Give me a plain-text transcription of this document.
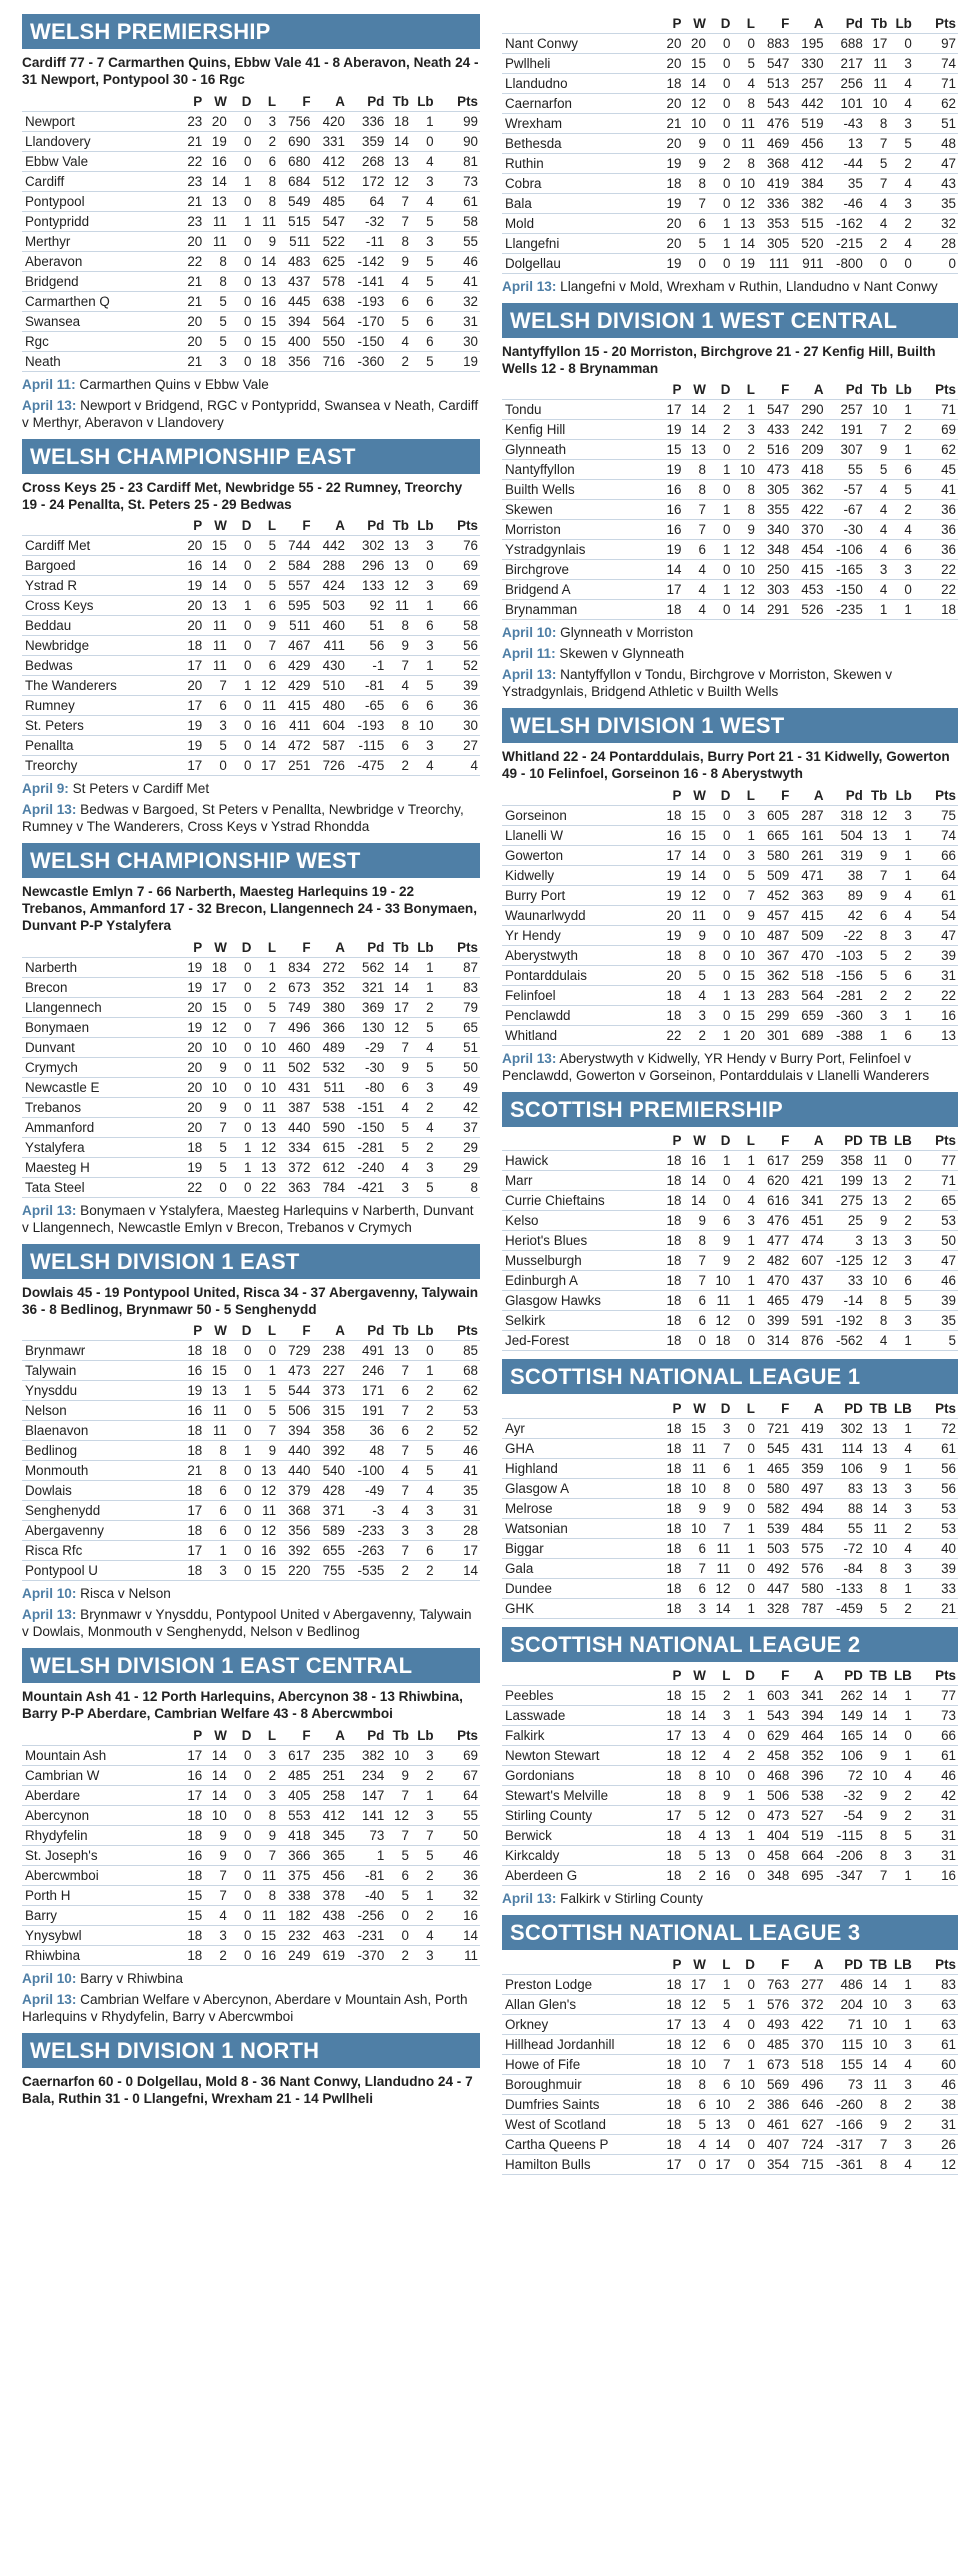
WELSH PREMIERSHIP
Cardiff 77 - 7 Carmarthen Quins, Ebbw Vale 41 - 8 Aberavon, Neath 24 - 31 Newport, Pontypool 30 - 16 Rgc
	P	W	D	L	F	A	Pd	Tb	Lb	Pts
Newport	23	20	0	3	756	420	336	18	1	99
Llandovery	21	19	0	2	690	331	359	14	0	90
Ebbw Vale	22	16	0	6	680	412	268	13	4	81
Cardiff	23	14	1	8	684	512	172	12	3	73
Pontypool	21	13	0	8	549	485	64	7	4	61
Pontypridd	23	11	1	11	515	547	-32	7	5	58
Merthyr	20	11	0	9	511	522	-11	8	3	55
Aberavon	22	8	0	14	483	625	-142	9	5	46
Bridgend	21	8	0	13	437	578	-141	4	5	41
Carmarthen Q	21	5	0	16	445	638	-193	6	6	32
Swansea	20	5	0	15	394	564	-170	5	6	31
Rgc	20	5	0	15	400	550	-150	4	6	30
Neath	21	3	0	18	356	716	-360	2	5	19
April 11: Carmarthen Quins v Ebbw Vale
April 13: Newport v Bridgend, RGC v Pontypridd, Swansea v Neath, Cardiff v Merthyr, Aberavon v Llandovery
WELSH CHAMPIONSHIP EAST
Cross Keys 25 - 23 Cardiff Met, Newbridge 55 - 22 Rumney, Treorchy 19 - 24 Penallta, St. Peters 25 - 29 Bedwas
	P	W	D	L	F	A	Pd	Tb	Lb	Pts
Cardiff Met	20	15	0	5	744	442	302	13	3	76
Bargoed	16	14	0	2	584	288	296	13	0	69
Ystrad R	19	14	0	5	557	424	133	12	3	69
Cross Keys	20	13	1	6	595	503	92	11	1	66
Beddau	20	11	0	9	511	460	51	8	6	58
Newbridge	18	11	0	7	467	411	56	9	3	56
Bedwas	17	11	0	6	429	430	-1	7	1	52
The Wanderers	20	7	1	12	429	510	-81	4	5	39
Rumney	17	6	0	11	415	480	-65	6	6	36
St. Peters	19	3	0	16	411	604	-193	8	10	30
Penallta	19	5	0	14	472	587	-115	6	3	27
Treorchy	17	0	0	17	251	726	-475	2	4	4
April 9: St Peters v Cardiff Met
April 13: Bedwas v Bargoed, St Peters v Penallta, Newbridge v Treorchy, Rumney v The Wanderers, Cross Keys v Ystrad Rhondda
WELSH CHAMPIONSHIP WEST
Newcastle Emlyn 7 - 66 Narberth, Maesteg Harlequins 19 - 22 Trebanos, Ammanford 17 - 32 Brecon, Llangennech 24 - 33 Bonymaen, Dunvant P-P Ystalyfera
	P	W	D	L	F	A	Pd	Tb	Lb	Pts
Narberth	19	18	0	1	834	272	562	14	1	87
Brecon	19	17	0	2	673	352	321	14	1	83
Llangennech	20	15	0	5	749	380	369	17	2	79
Bonymaen	19	12	0	7	496	366	130	12	5	65
Dunvant	20	10	0	10	460	489	-29	7	4	51
Crymych	20	9	0	11	502	532	-30	9	5	50
Newcastle E	20	10	0	10	431	511	-80	6	3	49
Trebanos	20	9	0	11	387	538	-151	4	2	42
Ammanford	20	7	0	13	440	590	-150	5	4	37
Ystalyfera	18	5	1	12	334	615	-281	5	2	29
Maesteg H	19	5	1	13	372	612	-240	4	3	29
Tata Steel	22	0	0	22	363	784	-421	3	5	8
April 13: Bonymaen v Ystalyfera, Maesteg Harlequins v Narberth, Dunvant v Llangennech, Newcastle Emlyn v Brecon, Trebanos v Crymych
WELSH DIVISION 1 EAST
Dowlais 45 - 19 Pontypool United, Risca 34 - 37 Abergavenny, Talywain 36 - 8 Bedlinog, Brynmawr 50 - 5 Senghenydd
	P	W	D	L	F	A	Pd	Tb	Lb	Pts
Brynmawr	18	18	0	0	729	238	491	13	0	85
Talywain	16	15	0	1	473	227	246	7	1	68
Ynysddu	19	13	1	5	544	373	171	6	2	62
Nelson	16	11	0	5	506	315	191	7	2	53
Blaenavon	18	11	0	7	394	358	36	6	2	52
Bedlinog	18	8	1	9	440	392	48	7	5	46
Monmouth	21	8	0	13	440	540	-100	4	5	41
Dowlais	18	6	0	12	379	428	-49	7	4	35
Senghenydd	17	6	0	11	368	371	-3	4	3	31
Abergavenny	18	6	0	12	356	589	-233	3	3	28
Risca Rfc	17	1	0	16	392	655	-263	7	6	17
Pontypool U	18	3	0	15	220	755	-535	2	2	14
April 10: Risca v Nelson
April 13: Brynmawr v Ynysddu, Pontypool United v Abergavenny, Talywain v Dowlais, Monmouth v Senghenydd, Nelson v Bedlinog
WELSH DIVISION 1 EAST CENTRAL
Mountain Ash 41 - 12 Porth Harlequins, Abercynon 38 - 13 Rhiwbina, Barry P-P Aberdare, Cambrian Welfare 43 - 8 Abercwmboi
	P	W	D	L	F	A	Pd	Tb	Lb	Pts
Mountain Ash	17	14	0	3	617	235	382	10	3	69
Cambrian W	16	14	0	2	485	251	234	9	2	67
Aberdare	17	14	0	3	405	258	147	7	1	64
Abercynon	18	10	0	8	553	412	141	12	3	55
Rhydyfelin	18	9	0	9	418	345	73	7	7	50
St. Joseph's	16	9	0	7	366	365	1	5	5	46
Abercwmboi	18	7	0	11	375	456	-81	6	2	36
Porth H	15	7	0	8	338	378	-40	5	1	32
Barry	15	4	0	11	182	438	-256	0	2	16
Ynysybwl	18	3	0	15	232	463	-231	0	4	14
Rhiwbina	18	2	0	16	249	619	-370	2	3	11
April 10: Barry v Rhiwbina
April 13: Cambrian Welfare v Abercynon, Aberdare v Mountain Ash, Porth Harlequins v Rhydyfelin, Barry v Abercwmboi
WELSH DIVISION 1 NORTH
Caernarfon 60 - 0 Dolgellau, Mold 8 - 36 Nant Conwy, Llandudno 24 - 7 Bala, Ruthin 31 - 0 Llangefni, Wrexham 21 - 14 Pwllheli
	P	W	D	L	F	A	Pd	Tb	Lb	Pts
Nant Conwy	20	20	0	0	883	195	688	17	0	97
Pwllheli	20	15	0	5	547	330	217	11	3	74
Llandudno	18	14	0	4	513	257	256	11	4	71
Caernarfon	20	12	0	8	543	442	101	10	4	62
Wrexham	21	10	0	11	476	519	-43	8	3	51
Bethesda	20	9	0	11	469	456	13	7	5	48
Ruthin	19	9	2	8	368	412	-44	5	2	47
Cobra	18	8	0	10	419	384	35	7	4	43
Bala	19	7	0	12	336	382	-46	4	3	35
Mold	20	6	1	13	353	515	-162	4	2	32
Llangefni	20	5	1	14	305	520	-215	2	4	28
Dolgellau	19	0	0	19	111	911	-800	0	0	0
April 13: Llangefni v Mold, Wrexham v Ruthin, Llandudno v Nant Conwy
WELSH DIVISION 1 WEST CENTRAL
Nantyffyllon 15 - 20 Morriston, Birchgrove 21 - 27 Kenfig Hill, Builth Wells 12 - 8 Brynamman
	P	W	D	L	F	A	Pd	Tb	Lb	Pts
Tondu	17	14	2	1	547	290	257	10	1	71
Kenfig Hill	19	14	2	3	433	242	191	7	2	69
Glynneath	15	13	0	2	516	209	307	9	1	62
Nantyffyllon	19	8	1	10	473	418	55	5	6	45
Builth Wells	16	8	0	8	305	362	-57	4	5	41
Skewen	16	7	1	8	355	422	-67	4	2	36
Morriston	16	7	0	9	340	370	-30	4	4	36
Ystradgynlais	19	6	1	12	348	454	-106	4	6	36
Birchgrove	14	4	0	10	250	415	-165	3	3	22
Bridgend A	17	4	1	12	303	453	-150	4	0	22
Brynamman	18	4	0	14	291	526	-235	1	1	18
April 10: Glynneath v Morriston
April 11: Skewen v Glynneath
April 13: Nantyffyllon v Tondu, Birchgrove v Morriston, Skewen v Ystradgynlais, Bridgend Athletic v Builth Wells
WELSH DIVISION 1 WEST
Whitland 22 - 24 Pontarddulais, Burry Port 21 - 31 Kidwelly, Gowerton 49 - 10 Felinfoel, Gorseinon 16 - 8 Aberystwyth
	P	W	D	L	F	A	Pd	Tb	Lb	Pts
Gorseinon	18	15	0	3	605	287	318	12	3	75
Llanelli W	16	15	0	1	665	161	504	13	1	74
Gowerton	17	14	0	3	580	261	319	9	1	66
Kidwelly	19	14	0	5	509	471	38	7	1	64
Burry Port	19	12	0	7	452	363	89	9	4	61
Waunarlwydd	20	11	0	9	457	415	42	6	4	54
Yr Hendy	19	9	0	10	487	509	-22	8	3	47
Aberystwyth	18	8	0	10	367	470	-103	5	2	39
Pontarddulais	20	5	0	15	362	518	-156	5	6	31
Felinfoel	18	4	1	13	283	564	-281	2	2	22
Penclawdd	18	3	0	15	299	659	-360	3	1	16
Whitland	22	2	1	20	301	689	-388	1	6	13
April 13: Aberystwyth v Kidwelly, YR Hendy v Burry Port, Felinfoel v Penclawdd, Gowerton v Gorseinon, Pontarddulais v Llanelli Wanderers
SCOTTISH PREMIERSHIP
	P	W	D	L	F	A	PD	TB	LB	Pts
Hawick	18	16	1	1	617	259	358	11	0	77
Marr	18	14	0	4	620	421	199	13	2	71
Currie Chieftains	18	14	0	4	616	341	275	13	2	65
Kelso	18	9	6	3	476	451	25	9	2	53
Heriot's Blues	18	8	9	1	477	474	3	13	3	50
Musselburgh	18	7	9	2	482	607	-125	12	3	47
Edinburgh A	18	7	10	1	470	437	33	10	6	46
Glasgow Hawks	18	6	11	1	465	479	-14	8	5	39
Selkirk	18	6	12	0	399	591	-192	8	3	35
Jed-Forest	18	0	18	0	314	876	-562	4	1	5
SCOTTISH NATIONAL LEAGUE 1
	P	W	D	L	F	A	PD	TB	LB	Pts
Ayr	18	15	3	0	721	419	302	13	1	72
GHA	18	11	7	0	545	431	114	13	4	61
Highland	18	11	6	1	465	359	106	9	1	56
Glasgow A	18	10	8	0	580	497	83	13	3	56
Melrose	18	9	9	0	582	494	88	14	3	53
Watsonian	18	10	7	1	539	484	55	11	2	53
Biggar	18	6	11	1	503	575	-72	10	4	40
Gala	18	7	11	0	492	576	-84	8	3	39
Dundee	18	6	12	0	447	580	-133	8	1	33
GHK	18	3	14	1	328	787	-459	5	2	21
SCOTTISH NATIONAL LEAGUE 2
	P	W	L	D	F	A	PD	TB	LB	Pts
Peebles	18	15	2	1	603	341	262	14	1	77
Lasswade	18	14	3	1	543	394	149	14	1	73
Falkirk	17	13	4	0	629	464	165	14	0	66
Newton Stewart	18	12	4	2	458	352	106	9	1	61
Gordonians	18	8	10	0	468	396	72	10	4	46
Stewart's Melville	18	8	9	1	506	538	-32	9	2	42
Stirling County	17	5	12	0	473	527	-54	9	2	31
Berwick	18	4	13	1	404	519	-115	8	5	31
Kirkcaldy	18	5	13	0	458	664	-206	8	3	31
Aberdeen G	18	2	16	0	348	695	-347	7	1	16
April 13: Falkirk v Stirling County
SCOTTISH NATIONAL LEAGUE 3
	P	W	L	D	F	A	PD	TB	LB	Pts
Preston Lodge	18	17	1	0	763	277	486	14	1	83
Allan Glen's	18	12	5	1	576	372	204	10	3	63
Orkney	17	13	4	0	493	422	71	10	1	63
Hillhead Jordanhill	18	12	6	0	485	370	115	10	3	61
Howe of Fife	18	10	7	1	673	518	155	14	4	60
Boroughmuir	18	8	6	10	569	496	73	11	3	46
Dumfries Saints	18	6	10	2	386	646	-260	8	2	38
West of Scotland	18	5	13	0	461	627	-166	9	2	31
Cartha Queens P	18	4	14	0	407	724	-317	7	3	26
Hamilton Bulls	17	0	17	0	354	715	-361	8	4	12
